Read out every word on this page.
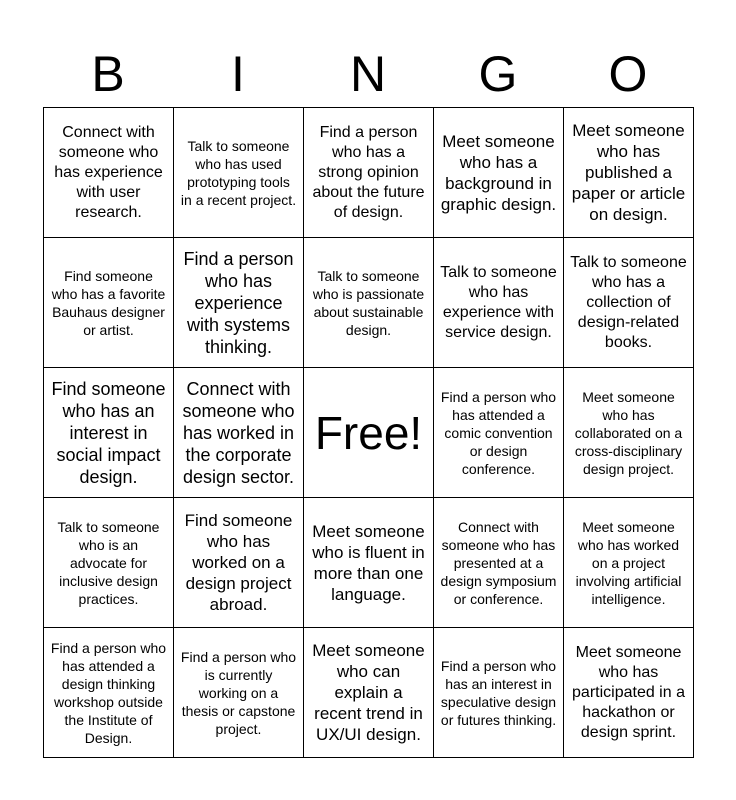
B	I	N	G	O
Connect with someone who has experience with user research.
Talk to someone who has used prototyping tools in a recent project.
Find a person who has a strong opinion about the future of design.
Meet someone who has a background in graphic design.
Meet someone who has published a paper or article on design.
Find someone who has a favorite Bauhaus designer or artist.
Find a person who has experience with systems thinking.
Talk to someone who is passionate about sustainable design.
Talk to someone who has experience with service design.
Talk to someone who has a collection of design-related books.
Find someone who has an interest in social impact design.
Connect with someone who has worked in the corporate design sector.
Free!
Find a person who has attended a comic convention or design conference.
Meet someone who has collaborated on a cross-disciplinary design project.
Talk to someone who is an advocate for inclusive design practices.
Find someone who has worked on a design project abroad.
Meet someone who is fluent in more than one language.
Connect with someone who has presented at a design symposium or conference.
Meet someone who has worked on a project involving artificial intelligence.
Find a person who has attended a design thinking workshop outside the Institute of Design.
Find a person who is currently working on a thesis or capstone project.
Meet someone who can explain a recent trend in UX/UI design.
Find a person who has an interest in speculative design or futures thinking.
Meet someone who has participated in a hackathon or design sprint.
